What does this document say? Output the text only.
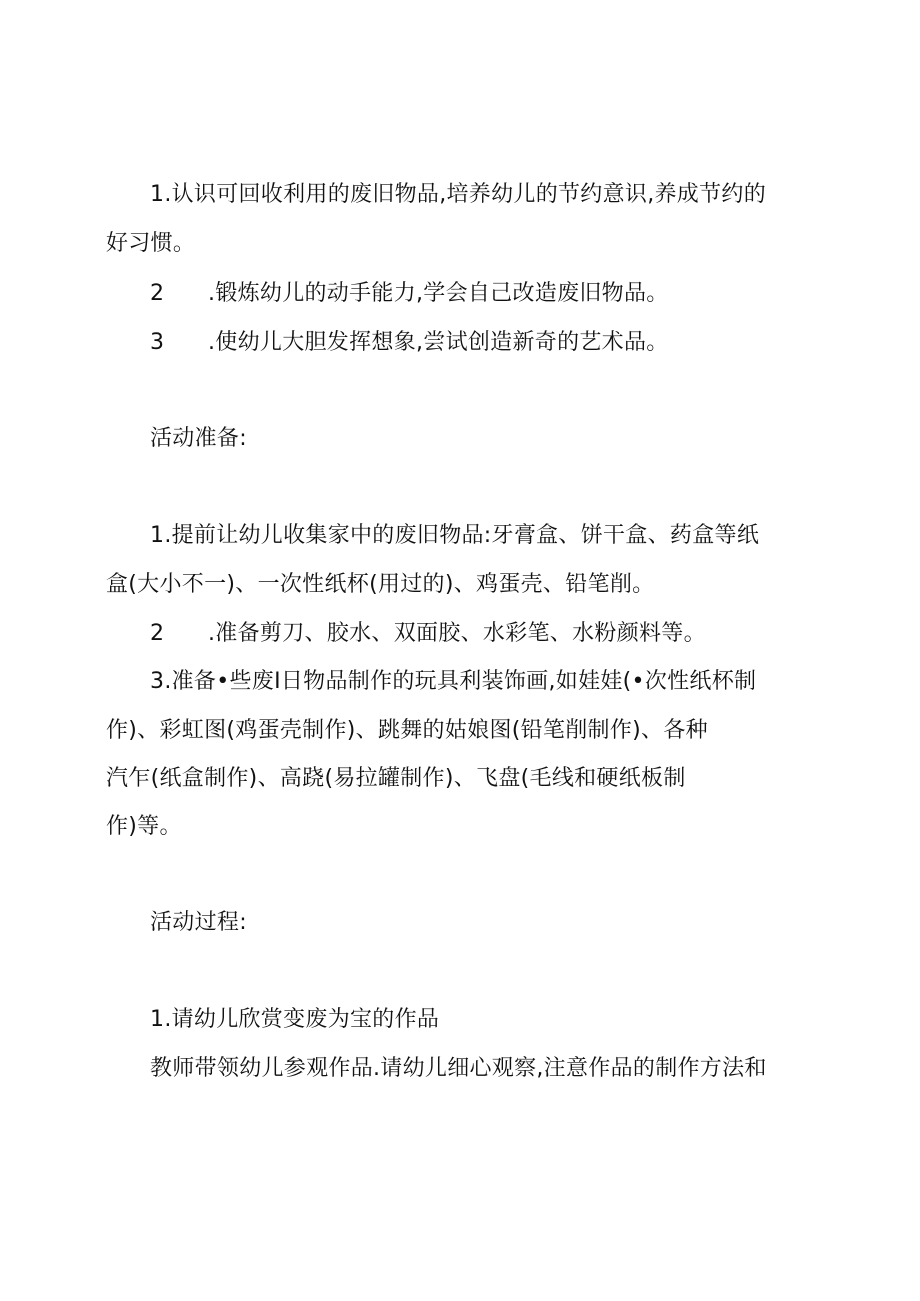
1.认识可回收利用的废旧物品,培养幼儿的节约意识,养成节约的
好习惯。
2 .锻炼幼儿的动手能力,学会自己改造废旧物品。
3 .使幼儿大胆发挥想象,尝试创造新奇的艺术品。
活动准备:
1.提前让幼儿收集家中的废旧物品:牙膏盒、饼干盒、药盒等纸
盒(大小不一)、一次性纸杯(用过的)、鸡蛋壳、铅笔削。
2 .准备剪刀、胶水、双面胶、水彩笔、水粉颜料等。
3.准备•些废I日物品制作的玩具利装饰画,如娃娃(•次性纸杯制
作)、彩虹图(鸡蛋壳制作)、跳舞的姑娘图(铅笔削制作)、各种
汽乍(纸盒制作)、高跷(易拉罐制作)、飞盘(毛线和硬纸板制
作)等。
活动过程:
1.请幼儿欣赏变废为宝的作品
教师带领幼儿参观作品.请幼儿细心观察,注意作品的制作方法和
